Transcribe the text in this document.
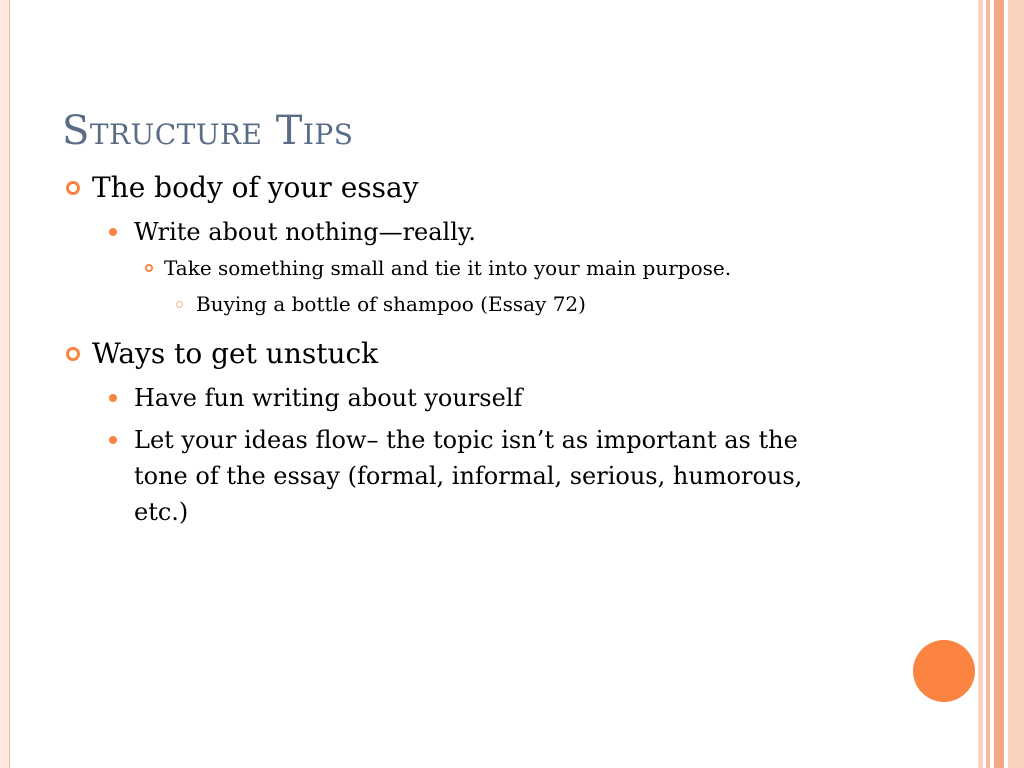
Structure Tips
The body of your essay
Write about nothing—really.
Take something small and tie it into your main purpose.
Buying a bottle of shampoo (Essay 72)
Ways to get unstuck
Have fun writing about yourself
Let your ideas flow– the topic isn’t as important as the tone of the essay (formal, informal, serious, humorous, etc.)
